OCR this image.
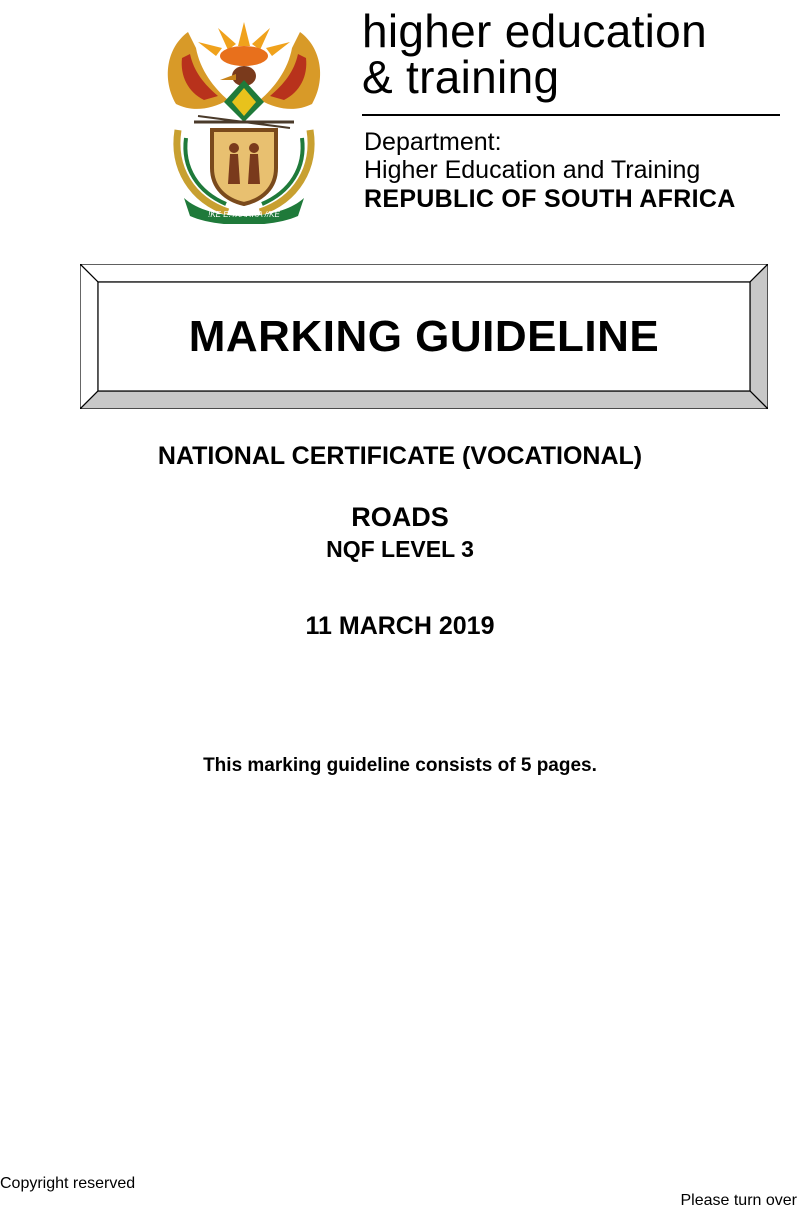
!KE E: /XARRA //KE
higher education
& training
Department:
Higher Education and Training
REPUBLIC OF SOUTH AFRICA
MARKING GUIDELINE
NATIONAL CERTIFICATE (VOCATIONAL)
ROADS
NQF LEVEL 3
11 MARCH 2019
This marking guideline consists of 5 pages.
Copyright reserved
Please turn over
